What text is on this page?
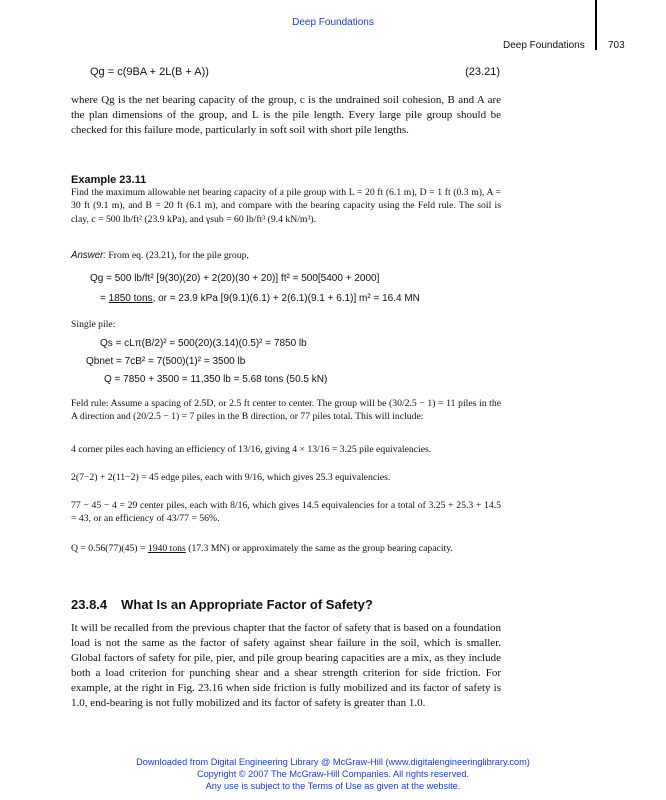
Deep Foundations
Deep Foundations 703
Qg = c(9BA + 2L(B + A))	(23.21)
where Qg is the net bearing capacity of the group, c is the undrained soil cohesion, B and A are the plan dimensions of the group, and L is the pile length. Every large pile group should be checked for this failure mode, particularly in soft soil with short pile lengths.
Example 23.11
Find the maximum allowable net bearing capacity of a pile group with L = 20 ft (6.1 m), D = 1 ft (0.3 m), A = 30 ft (9.1 m), and B = 20 ft (6.1 m), and compare with the bearing capacity using the Feld rule. The soil is clay, c = 500 lb/ft² (23.9 kPa), and γsub = 60 lb/ft³ (9.4 kN/m³).
Answer: From eq. (23.21), for the pile group,
Qg = 500 lb/ft² [9(30)(20) + 2(20)(30 + 20)] ft² = 500[5400 + 2000]
= 1850 tons, or = 23.9 kPa [9(9.1)(6.1) + 2(6.1)(9.1 + 6.1)] m² = 16.4 MN
Single pile:
Qs = cLπ(B/2)² = 500(20)(3.14)(0.5)² = 7850 lb
Qbnet = 7cB² = 7(500)(1)² = 3500 lb
Q = 7850 + 3500 = 11,350 lb = 5.68 tons (50.5 kN)
Feld rule: Assume a spacing of 2.5D, or 2.5 ft center to center. The group will be (30/2.5 − 1) = 11 piles in the A direction and (20/2.5 − 1) = 7 piles in the B direction, or 77 piles total. This will include:
4 corner piles each having an efficiency of 13/16, giving 4 × 13/16 = 3.25 pile equivalencies.
2(7−2) + 2(11−2) = 45 edge piles, each with 9/16, which gives 25.3 equivalencies.
77 − 45 − 4 = 29 center piles, each with 8/16, which gives 14.5 equivalencies for a total of 3.25 + 25.3 + 14.5 = 43, or an efficiency of 43/77 = 56%.
Q = 0.56(77)(45) = 1940 tons (17.3 MN) or approximately the same as the group bearing capacity.
23.8.4 What Is an Appropriate Factor of Safety?
It will be recalled from the previous chapter that the factor of safety that is based on a foundation load is not the same as the factor of safety against shear failure in the soil, which is smaller. Global factors of safety for pile, pier, and pile group bearing capacities are a mix, as they include both a load criterion for punching shear and a shear strength criterion for side friction. For example, at the right in Fig. 23.16 when side friction is fully mobilized and its factor of safety is 1.0, end-bearing is not fully mobilized and its factor of safety is greater than 1.0.
Downloaded from Digital Engineering Library @ McGraw-Hill (www.digitalengineeringlibrary.com)
Copyright © 2007 The McGraw-Hill Companies. All rights reserved.
Any use is subject to the Terms of Use as given at the website.
